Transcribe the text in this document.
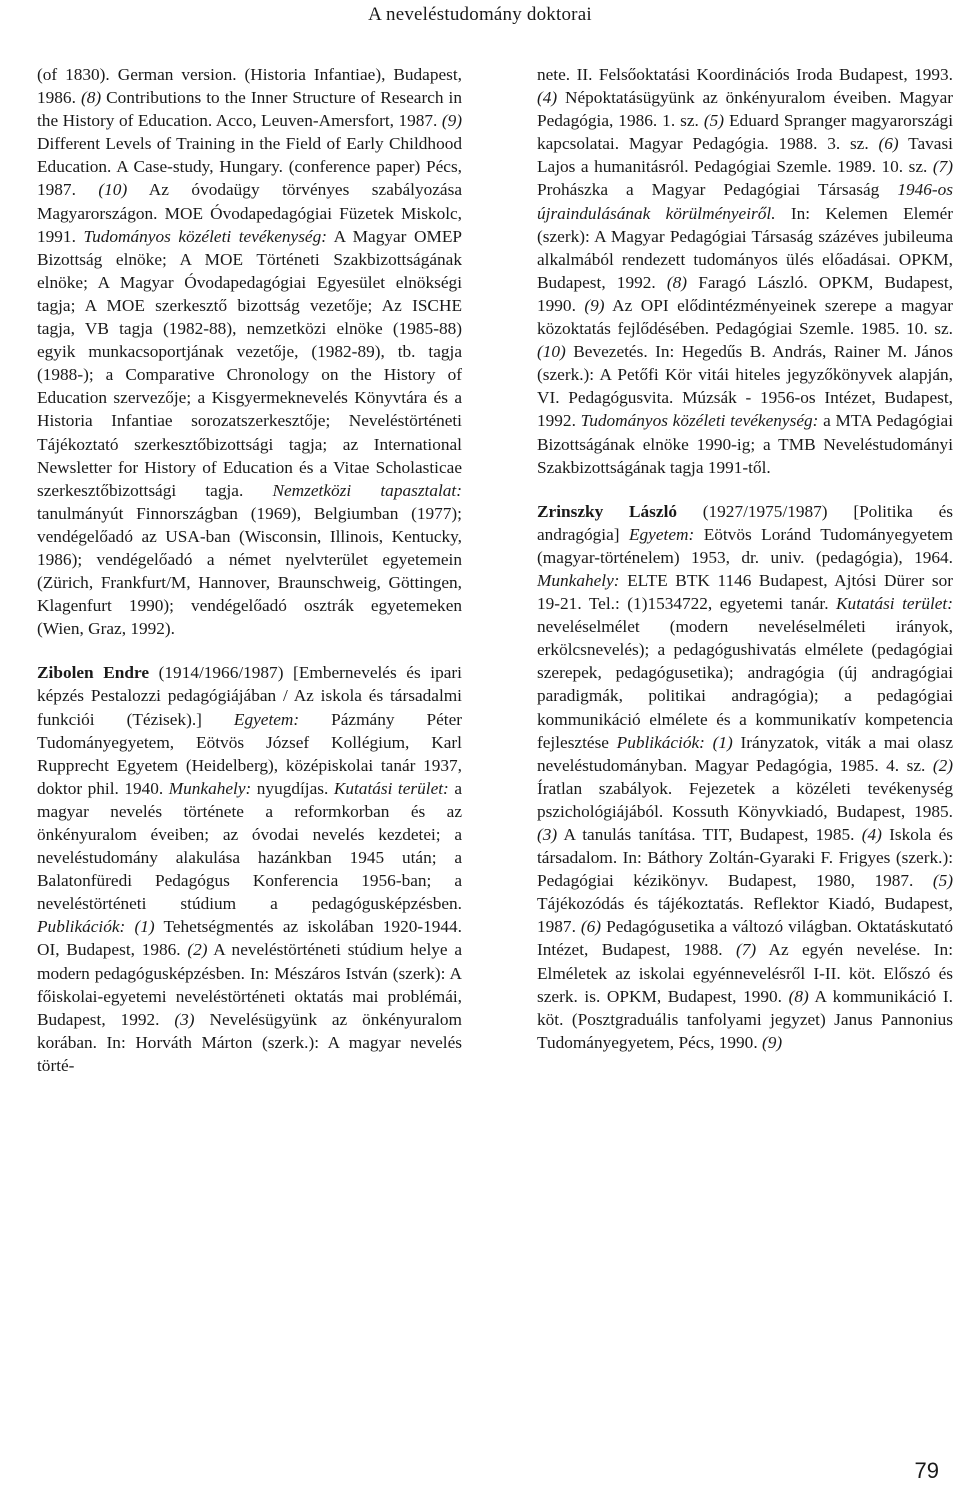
A neveléstudomány doktorai

(of 1830). German version. (Historia Infantiae), Budapest, 1986. (8) Contributions to the Inner Structure of Research in the History of Education. Acco, Leuven-Amersfort, 1987. (9) Different Levels of Training in the Field of Early Childhood Education. A Case-study, Hungary. (conference paper) Pécs, 1987. (10) Az óvodaügy törvényes szabályozása Magyarországon. MOE Óvodapedagógiai Füzetek Miskolc, 1991. Tudományos közéleti tevékenység: A Magyar OMEP Bizottság elnöke; A MOE Történeti Szakbizottságának elnöke; A Magyar Óvodapedagógiai Egyesület elnökségi tagja; A MOE szerkesztő bizottság vezetője; Az ISCHE tagja, VB tagja (1982-88), nemzetközi elnöke (1985-88) egyik munkacsoportjának vezetője, (1982-89), tb. tagja (1988-); a Comparative Chronology on the History of Education szervezője; a Kisgyermeknevelés Könyvtára és a Historia Infantiae sorozatszerkesztője; Neveléstörténeti Tájékoztató szerkesztőbizottsági tagja; az International Newsletter for History of Education és a Vitae Scholasticae szerkesztőbizottsági tagja. Nemzetközi tapasztalat: tanulmányút Finnországban (1969), Belgiumban (1977); vendégelőadó az USA-ban (Wisconsin, Illinois, Kentucky, 1986); vendégelőadó a német nyelvterület egyetemein (Zürich, Frankfurt/M, Hannover, Braunschweig, Göttingen, Klagenfurt 1990); vendégelőadó osztrák egyetemeken (Wien, Graz, 1992).

Zibolen Endre (1914/1966/1987) [Embernevelés és ipari képzés Pestalozzi pedagógiájában / Az iskola és társadalmi funkciói (Tézisek).] Egyetem: Pázmány Péter Tudományegyetem, Eötvös József Kollégium, Karl Rupprecht Egyetem (Heidelberg), középiskolai tanár 1937, doktor phil. 1940. Munkahely: nyugdíjas. Kutatási terület: a magyar nevelés története a reformkorban és az önkényuralom éveiben; az óvodai nevelés kezdetei; a neveléstudomány alakulása hazánkban 1945 után; a Balatonfüredi Pedagógus Konferencia 1956-ban; a neveléstörténeti stúdium a pedagógusképzésben. Publikációk: (1) Tehetségmentés az iskolában 1920-1944. OI, Budapest, 1986. (2) A neveléstörténeti stúdium helye a modern pedagógusképzésben. In: Mészáros István (szerk): A főiskolai-egyetemi neveléstörténeti oktatás mai problémái, Budapest, 1992. (3) Nevelésügyünk az önkényuralom korában. In: Horváth Márton (szerk.): A magyar nevelés törté-

nete. II. Felsőoktatási Koordinációs Iroda Budapest, 1993. (4) Népoktatásügyünk az önkényuralom éveiben. Magyar Pedagógia, 1986. 1. sz. (5) Eduard Spranger magyarországi kapcsolatai. Magyar Pedagógia. 1988. 3. sz. (6) Tavasi Lajos a humanitásról. Pedagógiai Szemle. 1989. 10. sz. (7) Prohászka a Magyar Pedagógiai Társaság 1946-os újraindulásának körülményeiről. In: Kelemen Elemér (szerk): A Magyar Pedagógiai Társaság százéves jubileuma alkalmából rendezett tudományos ülés előadásai. OPKM, Budapest, 1992. (8) Faragó László. OPKM, Budapest, 1990. (9) Az OPI elődintézményeinek szerepe a magyar közoktatás fejlődésében. Pedagógiai Szemle. 1985. 10. sz. (10) Bevezetés. In: Hegedűs B. András, Rainer M. János (szerk.): A Petőfi Kör vitái hiteles jegyzőkönyvek alapján, VI. Pedagógusvita. Múzsák - 1956-os Intézet, Budapest, 1992. Tudományos közéleti tevékenység: a MTA Pedagógiai Bizottságának elnöke 1990-ig; a TMB Neveléstudományi Szakbizottságának tagja 1991-től.

Zrinszky László (1927/1975/1987) [Politika és andragógia] Egyetem: Eötvös Loránd Tudományegyetem (magyar-történelem) 1953, dr. univ. (pedagógia), 1964. Munkahely: ELTE BTK 1146 Budapest, Ajtósi Dürer sor 19-21. Tel.: (1)1534722, egyetemi tanár. Kutatási terület: neveléselmélet (modern neveléselméleti irányok, erkölcsnevelés); a pedagógushivatás elmélete (pedagógiai szerepek, pedagógusetika); andragógia (új andragógiai paradigmák, politikai andragógia); a pedagógiai kommunikáció elmélete és a kommunikatív kompetencia fejlesztése Publikációk: (1) Irányzatok, viták a mai olasz neveléstudományban. Magyar Pedagógia, 1985. 4. sz. (2) Íratlan szabályok. Fejezetek a közéleti tevékenység pszichológiájából. Kossuth Könyvkiadó, Budapest, 1985. (3) A tanulás tanítása. TIT, Budapest, 1985. (4) Iskola és társadalom. In: Báthory Zoltán-Gyaraki F. Frigyes (szerk.): Pedagógiai kézikönyv. Budapest, 1980, 1987. (5) Tájékozódás és tájékoztatás. Reflektor Kiadó, Budapest, 1987. (6) Pedagógusetika a változó világban. Oktatáskutató Intézet, Budapest, 1988. (7) Az egyén nevelése. In: Elméletek az iskolai egyénnevelésről I-II. köt. Előszó és szerk. is. OPKM, Budapest, 1990. (8) A kommunikáció I. köt. (Posztgraduális tanfolyami jegyzet) Janus Pannonius Tudományegyetem, Pécs, 1990. (9)

79
